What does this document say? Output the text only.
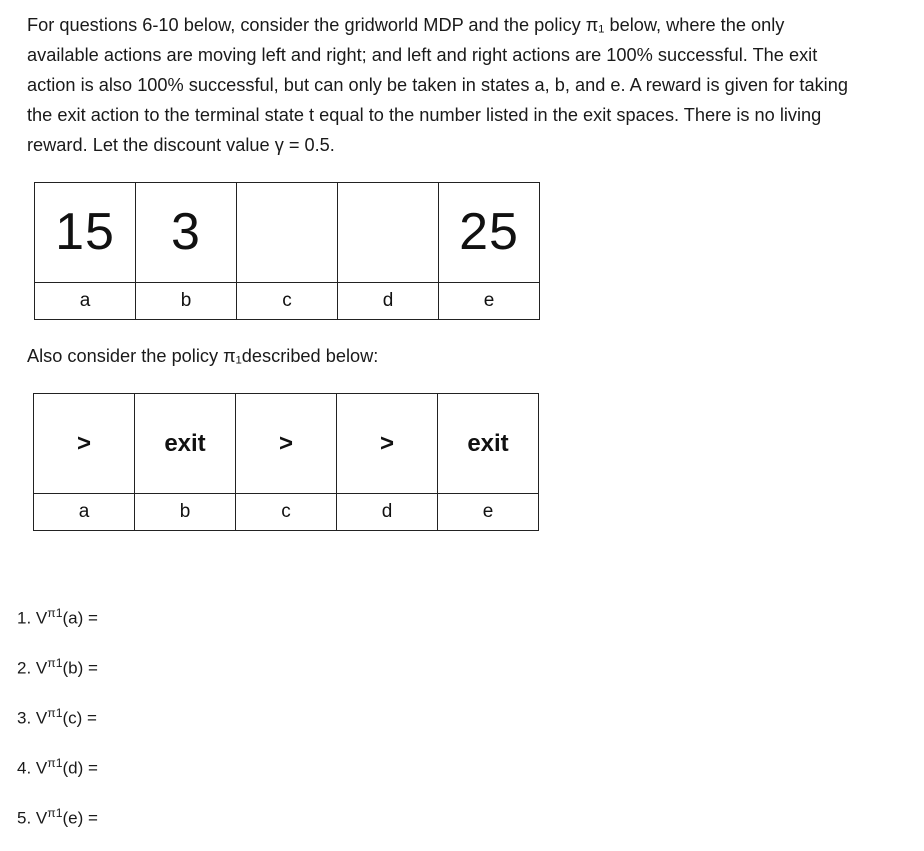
For questions 6-10 below, consider the gridworld MDP and the policy π₁ below, where the only
available actions are moving left and right; and left and right actions are 100% successful. The exit
action is also 100% successful, but can only be taken in states a, b, and e. A reward is given for taking
the exit action to the terminal state t equal to the number listed in the exit spaces. There is no living
reward. Let the discount value γ = 0.5.

15	3			25
a	b	c	d	e
Also consider the policy π₁described below:
>	exit	>	>	exit
a	b	c	d	e
1. $V^{\pi 1}(a)$ =
2. $V^{\pi 1}(b)$ =
3. $V^{\pi 1}(c)$ =
4. $V^{\pi 1}(d)$ =
5. $V^{\pi 1}(e)$ =
